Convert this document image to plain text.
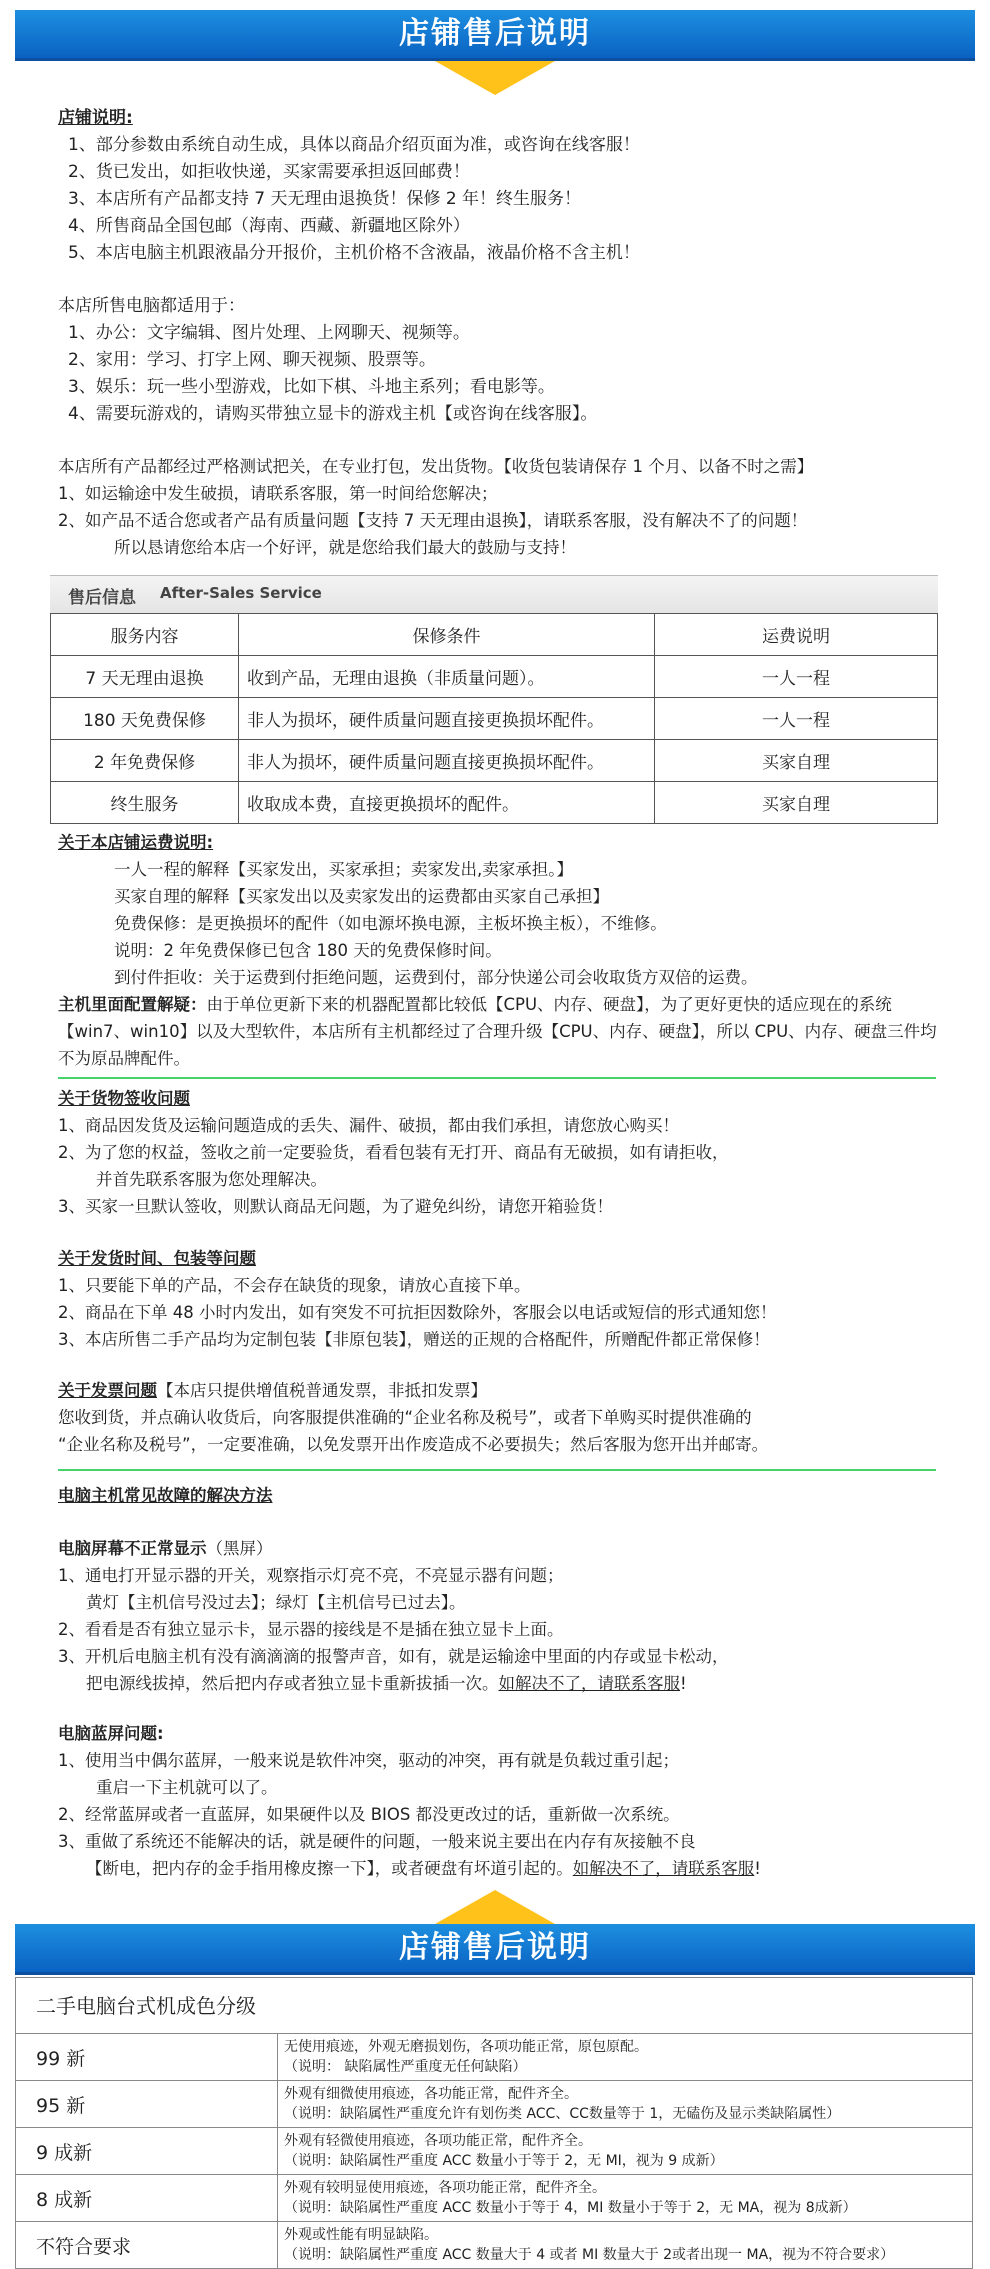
店铺售后说明
店铺说明:
1、部分参数由系统自动生成，具体以商品介绍页面为准，或咨询在线客服！
2、货已发出，如拒收快递，买家需要承担返回邮费！
3、本店所有产品都支持 7 天无理由退换货！保修 2 年！终生服务！
4、所售商品全国包邮（海南、西藏、新疆地区除外）
5、本店电脑主机跟液晶分开报价，主机价格不含液晶，液晶价格不含主机！
本店所售电脑都适用于：
1、办公：文字编辑、图片处理、上网聊天、视频等。
2、家用：学习、打字上网、聊天视频、股票等。
3、娱乐：玩一些小型游戏，比如下棋、斗地主系列；看电影等。
4、需要玩游戏的，请购买带独立显卡的游戏主机【或咨询在线客服】。
本店所有产品都经过严格测试把关，在专业打包，发出货物。【收货包装请保存 1 个月、以备不时之需】
1、如运输途中发生破损，请联系客服，第一时间给您解决；
2、如产品不适合您或者产品有质量问题【支持 7 天无理由退换】，请联系客服，没有解决不了的问题！
所以恳请您给本店一个好评，就是您给我们最大的鼓励与支持！
售后信息 After-Sales Service
服务内容	保修条件	运费说明
7 天无理由退换	收到产品，无理由退换（非质量问题）。	一人一程
180 天免费保修	非人为损坏，硬件质量问题直接更换损坏配件。	一人一程
2 年免费保修	非人为损坏，硬件质量问题直接更换损坏配件。	买家自理
终生服务	收取成本费，直接更换损坏的配件。	买家自理
关于本店铺运费说明:
一人一程的解释【买家发出，买家承担；卖家发出,卖家承担。】
买家自理的解释【买家发出以及卖家发出的运费都由买家自己承担】
免费保修：是更换损坏的配件（如电源坏换电源，主板坏换主板），不维修。
说明：2 年免费保修已包含 180 天的免费保修时间。
到付件拒收：关于运费到付拒绝问题，运费到付，部分快递公司会收取货方双倍的运费。
主机里面配置解疑：由于单位更新下来的机器配置都比较低【CPU、内存、硬盘】，为了更好更快的适应现在的系统【win7、win10】以及大型软件，本店所有主机都经过了合理升级【CPU、内存、硬盘】，所以 CPU、内存、硬盘三件均不为原品牌配件。
关于货物签收问题
1、商品因发货及运输问题造成的丢失、漏件、破损，都由我们承担，请您放心购买！
2、为了您的权益，签收之前一定要验货，看看包装有无打开、商品有无破损，如有请拒收，
并首先联系客服为您处理解决。
3、买家一旦默认签收，则默认商品无问题，为了避免纠纷，请您开箱验货！
关于发货时间、包装等问题
1、只要能下单的产品，不会存在缺货的现象，请放心直接下单。
2、商品在下单 48 小时内发出，如有突发不可抗拒因数除外，客服会以电话或短信的形式通知您！
3、本店所售二手产品均为定制包装【非原包装】，赠送的正规的合格配件，所赠配件都正常保修！
关于发票问题【本店只提供增值税普通发票，非抵扣发票】
您收到货，并点确认收货后，向客服提供准确的“企业名称及税号”，或者下单购买时提供准确的
“企业名称及税号”，一定要准确，以免发票开出作废造成不必要损失；然后客服为您开出并邮寄。
电脑主机常见故障的解决方法
电脑屏幕不正常显示（黑屏）
1、通电打开显示器的开关，观察指示灯亮不亮，不亮显示器有问题；
黄灯【主机信号没过去】；绿灯【主机信号已过去】。
2、看看是否有独立显示卡，显示器的接线是不是插在独立显卡上面。
3、开机后电脑主机有没有滴滴滴的报警声音，如有，就是运输途中里面的内存或显卡松动，
把电源线拔掉，然后把内存或者独立显卡重新拔插一次。如解决不了，请联系客服!
电脑蓝屏问题:
1、使用当中偶尔蓝屏，一般来说是软件冲突，驱动的冲突，再有就是负载过重引起；
重启一下主机就可以了。
2、经常蓝屏或者一直蓝屏，如果硬件以及 BIOS 都没更改过的话，重新做一次系统。
3、重做了系统还不能解决的话，就是硬件的问题，一般来说主要出在内存有灰接触不良
【断电，把内存的金手指用橡皮擦一下】，或者硬盘有坏道引起的。如解决不了，请联系客服!
店铺售后说明
二手电脑台式机成色分级
99 新	无使用痕迹，外观无磨损划伤，各项功能正常，原包原配。
（说明： 缺陷属性严重度无任何缺陷）

95 新	外观有细微使用痕迹，各功能正常，配件齐全。
（说明：缺陷属性严重度允许有划伤类 ACC、CC数量等于 1，无磕伤及显示类缺陷属性）

9 成新	外观有轻微使用痕迹，各项功能正常，配件齐全。
（说明：缺陷属性严重度 ACC 数量小于等于 2，无 MI，视为 9 成新）

8 成新	外观有较明显使用痕迹，各项功能正常，配件齐全。
（说明：缺陷属性严重度 ACC 数量小于等于 4，MI 数量小于等于 2，无 MA，视为 8成新）

不符合要求	外观或性能有明显缺陷。
（说明：缺陷属性严重度 ACC 数量大于 4 或者 MI 数量大于 2或者出现一 MA，视为不符合要求）
